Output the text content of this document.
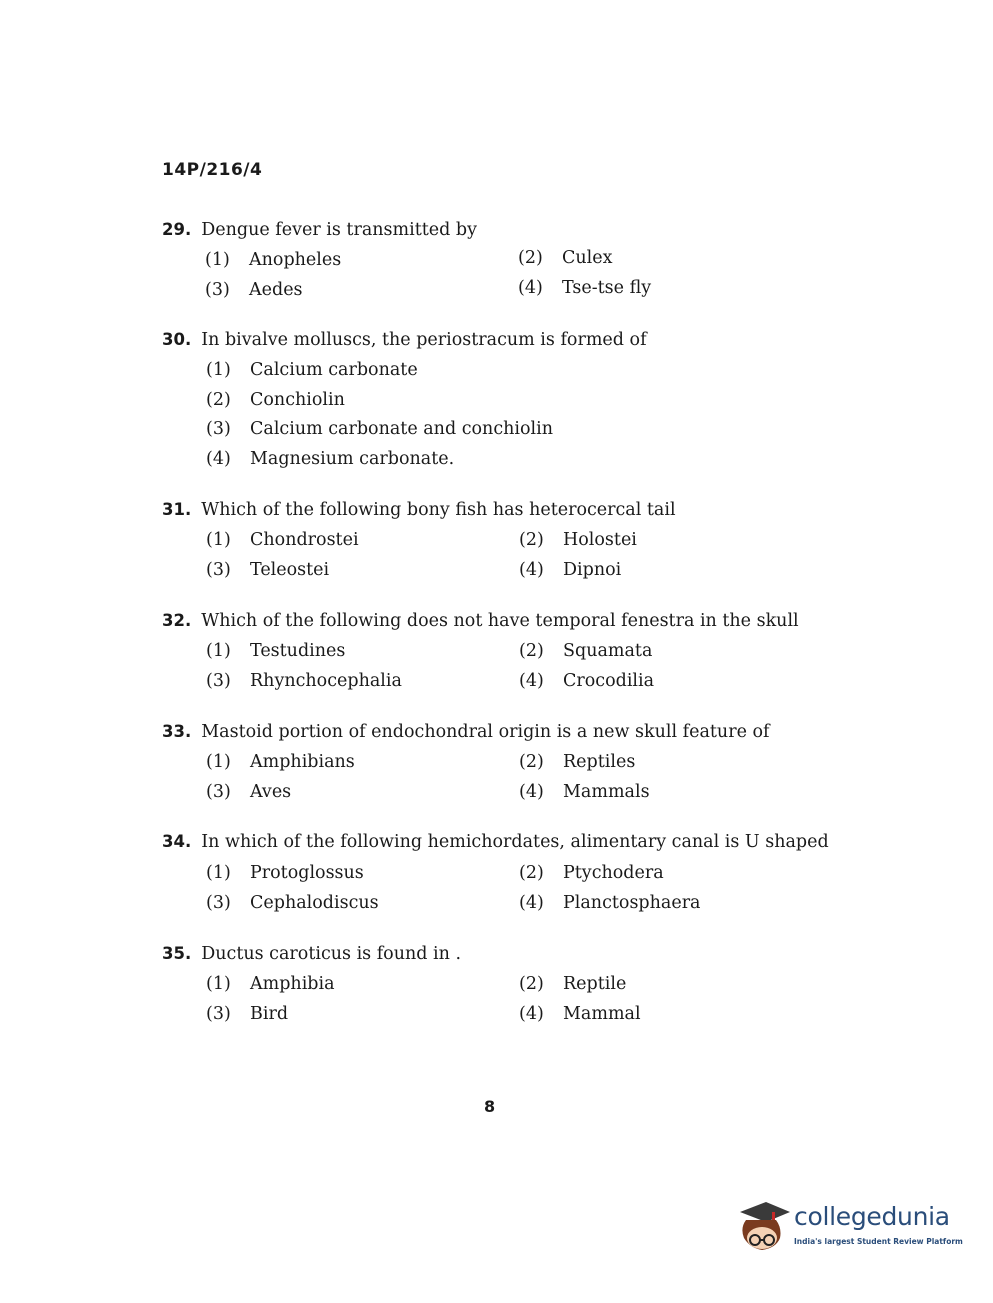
14P/216/4
29. Dengue fever is transmitted by
(1) Anopheles	(2) Culex
(3) Aedes	(4) Tse-tse fly
30. In bivalve molluscs, the periostracum is formed of
(1) Calcium carbonate
(2) Conchiolin
(3) Calcium carbonate and conchiolin
(4) Magnesium carbonate.
31. Which of the following bony fish has heterocercal tail
(1) Chondrostei	(2) Holostei
(3) Teleostei	(4) Dipnoi
32. Which of the following does not have temporal fenestra in the skull
(1) Testudines	(2) Squamata
(3) Rhynchocephalia	(4) Crocodilia
33. Mastoid portion of endochondral origin is a new skull feature of
(1) Amphibians	(2) Reptiles
(3) Aves	(4) Mammals
34. In which of the following hemichordates, alimentary canal is U shaped
(1) Protoglossus	(2) Ptychodera
(3) Cephalodiscus	(4) Planctosphaera
35. Ductus caroticus is found in .
(1) Amphibia	(2) Reptile
(3) Bird	(4) Mammal
8
collegedunia
India's largest Student Review Platform
